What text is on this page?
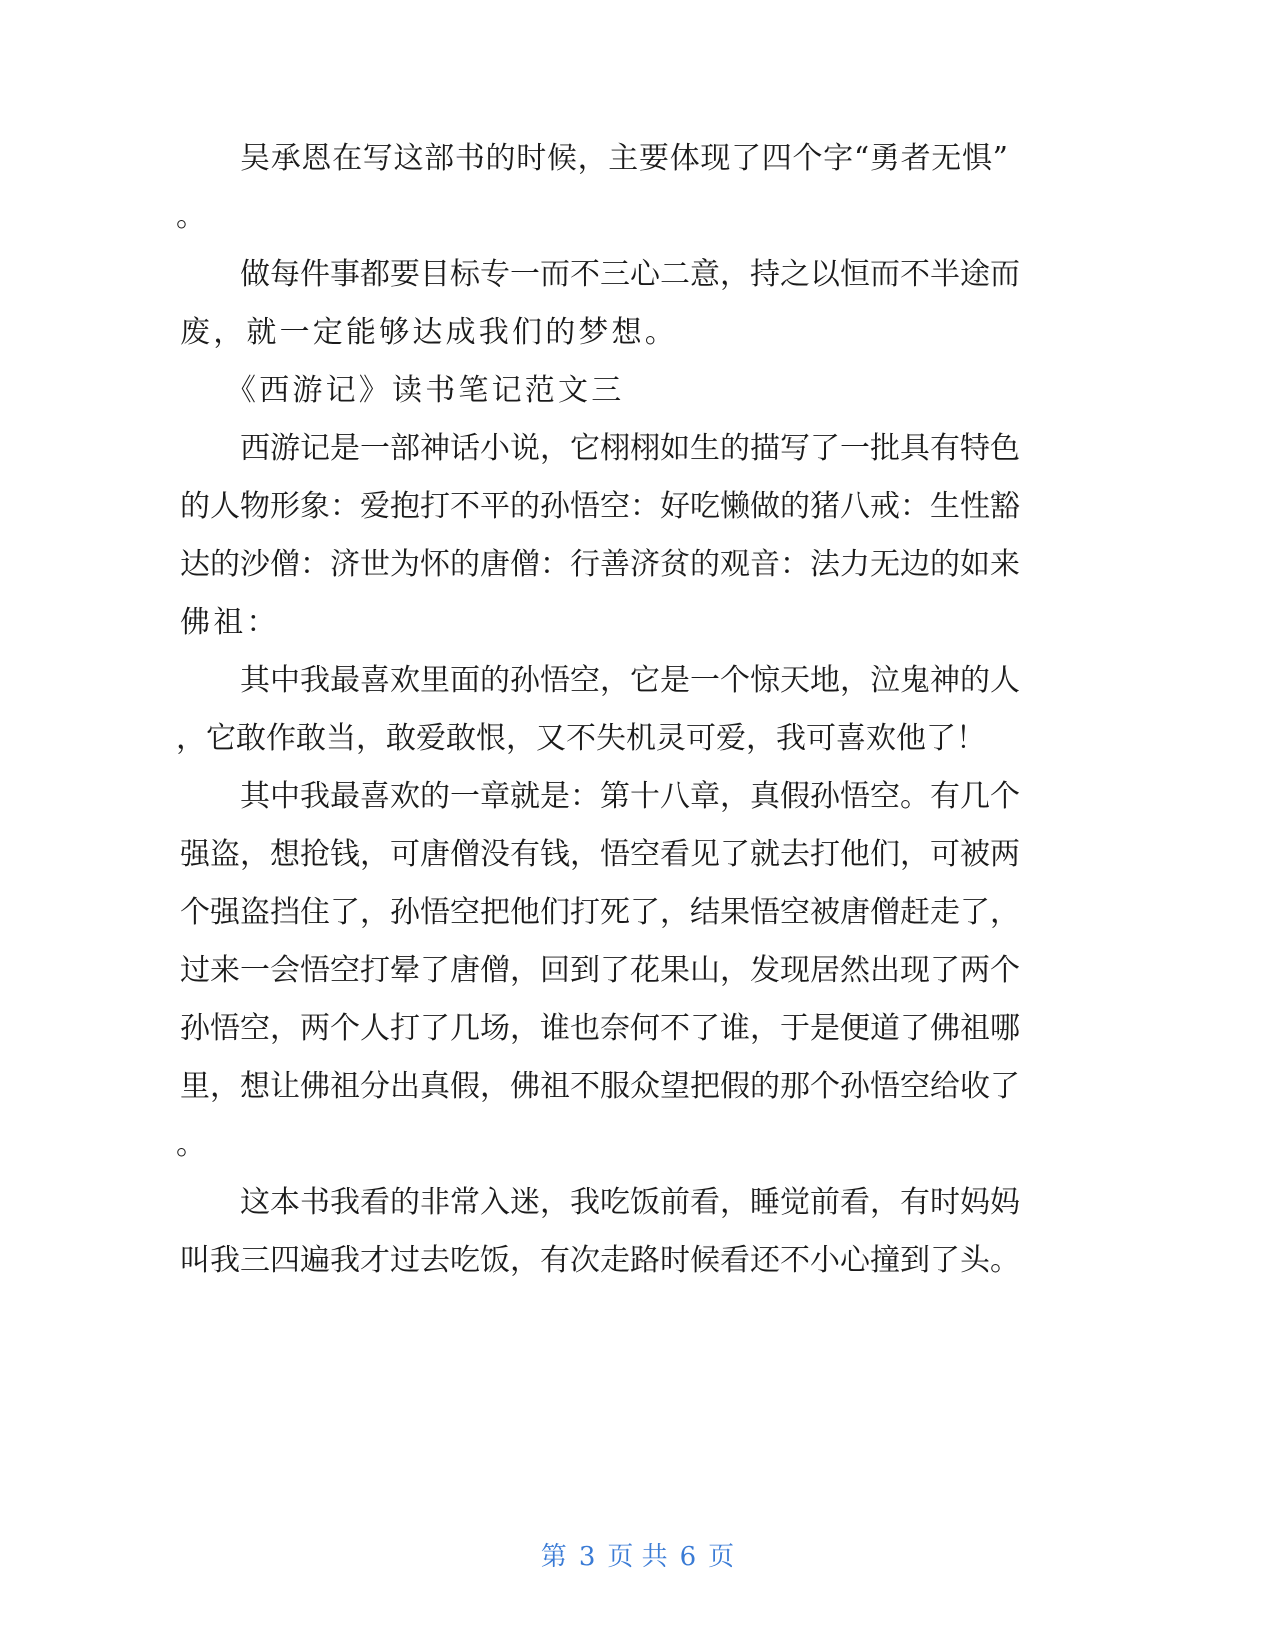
吴承恩在写这部书的时候，主要体现了四个字“勇者无惧”
。
做每件事都要目标专一而不三心二意，持之以恒而不半途而
废，就一定能够达成我们的梦想。
《西游记》读书笔记范文三
西游记是一部神话小说，它栩栩如生的描写了一批具有特色
的人物形象：爱抱打不平的孙悟空：好吃懒做的猪八戒：生性豁
达的沙僧：济世为怀的唐僧：行善济贫的观音：法力无边的如来
佛祖：
其中我最喜欢里面的孙悟空，它是一个惊天地，泣鬼神的人
，它敢作敢当，敢爱敢恨，又不失机灵可爱，我可喜欢他了！
其中我最喜欢的一章就是：第十八章，真假孙悟空。有几个
强盗，想抢钱，可唐僧没有钱，悟空看见了就去打他们，可被两
个强盗挡住了，孙悟空把他们打死了，结果悟空被唐僧赶走了，
过来一会悟空打晕了唐僧，回到了花果山，发现居然出现了两个
孙悟空，两个人打了几场，谁也奈何不了谁，于是便道了佛祖哪
里，想让佛祖分出真假，佛祖不服众望把假的那个孙悟空给收了
。
这本书我看的非常入迷，我吃饭前看，睡觉前看，有时妈妈
叫我三四遍我才过去吃饭，有次走路时候看还不小心撞到了头。
第 3 页 共 6 页
